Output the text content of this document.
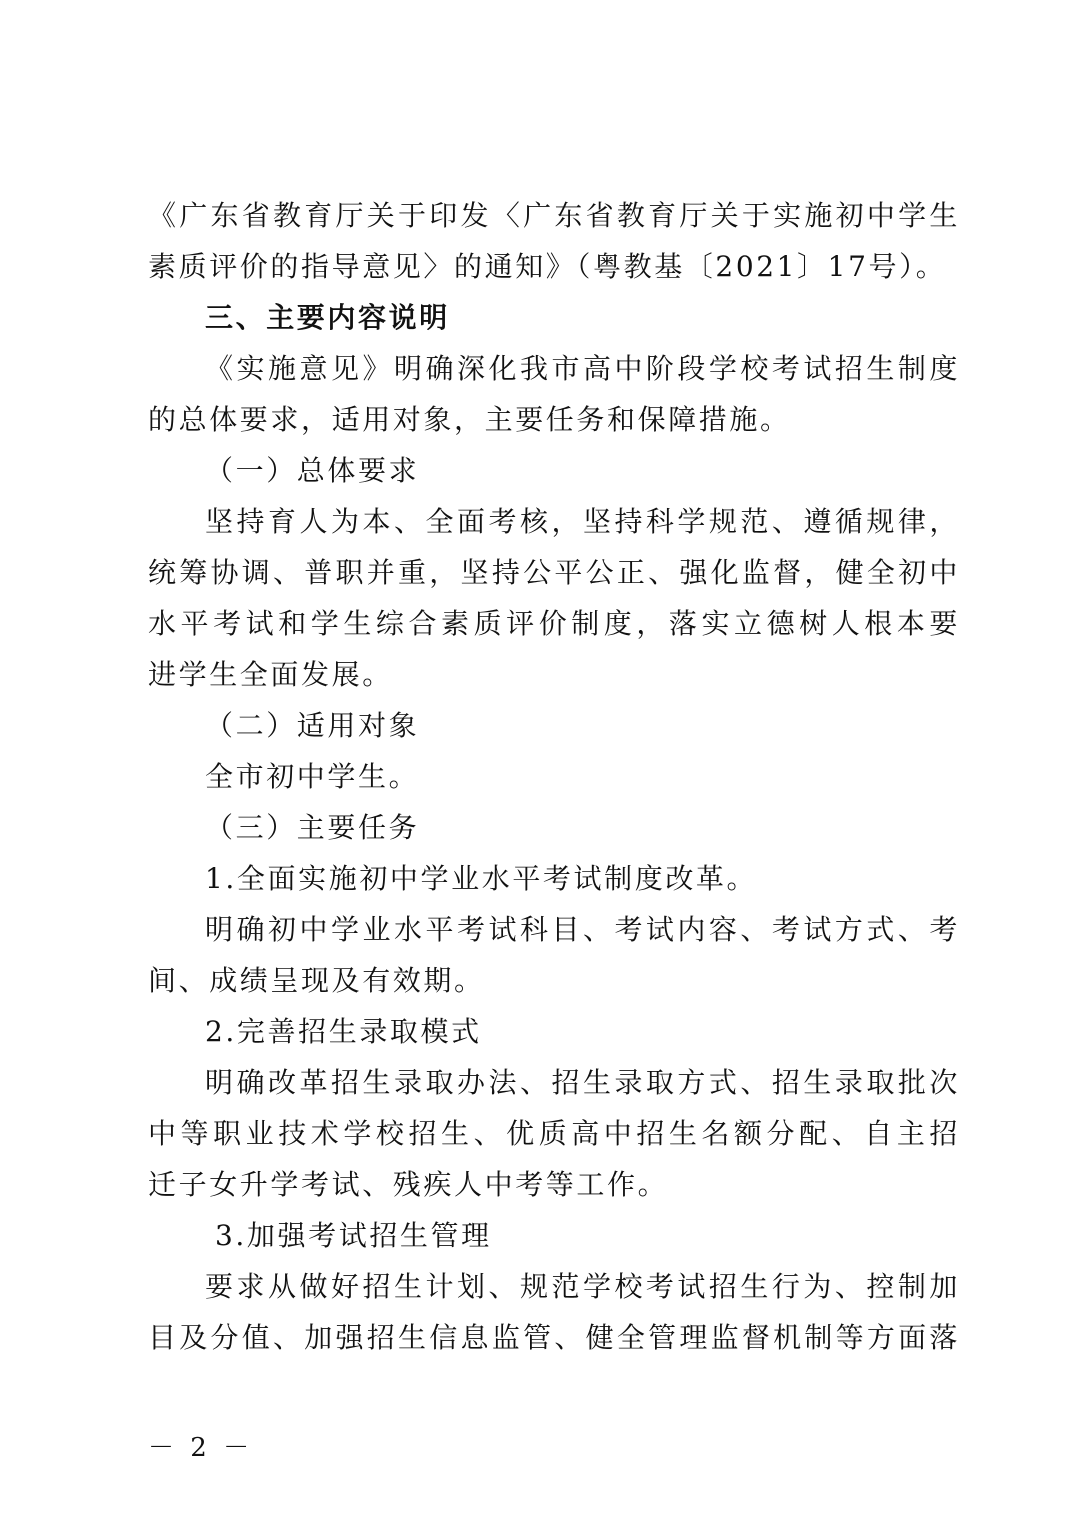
《广东省教育厅关于印发〈广东省教育厅关于实施初中学生
素质评价的指导意见〉的通知》（粤教基〔2021〕17号）。
三、主要内容说明
《实施意见》明确深化我市高中阶段学校考试招生制度
的总体要求，适用对象，主要任务和保障措施。
（一）总体要求
坚持育人为本、全面考核，坚持科学规范、遵循规律，
统筹协调、普职并重，坚持公平公正、强化监督，健全初中
水平考试和学生综合素质评价制度，落实立德树人根本要
进学生全面发展。
（二）适用对象
全市初中学生。
（三）主要任务
1.全面实施初中学业水平考试制度改革。
明确初中学业水平考试科目、考试内容、考试方式、考
间、成绩呈现及有效期。
2.完善招生录取模式
明确改革招生录取办法、招生录取方式、招生录取批次
中等职业技术学校招生、优质高中招生名额分配、自主招
迁子女升学考试、残疾人中考等工作。
3.加强考试招生管理
要求从做好招生计划、规范学校考试招生行为、控制加
目及分值、加强招生信息监管、健全管理监督机制等方面落
－ 2 －
